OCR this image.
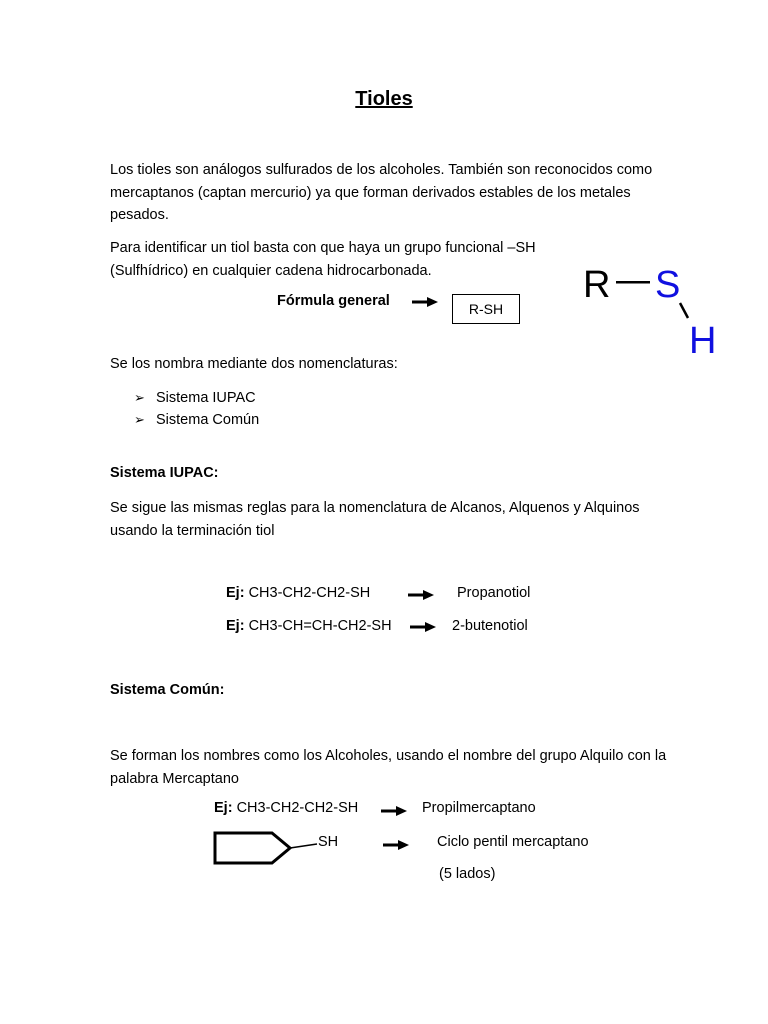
Tioles
Los tioles son análogos sulfurados de los alcoholes. También son reconocidos como mercaptanos (captan mercurio) ya que forman derivados estables de los metales pesados.
Para identificar un tiol basta con que haya un grupo funcional –SH (Sulfhídrico) en cualquier cadena hidrocarbonada.
Fórmula general	R-SH
R S
H
Se los nombra mediante dos nomenclaturas:
➢ Sistema IUPAC
➢ Sistema Común
Sistema IUPAC:
Se sigue las mismas reglas para la nomenclatura de Alcanos, Alquenos y Alquinos usando la terminación tiol
Ej: CH3-CH2-CH2-SH	Propanotiol
Ej: CH3-CH=CH-CH2-SH	2-butenotiol
Sistema Común:
Se forman los nombres como los Alcoholes, usando el nombre del grupo Alquilo con la palabra Mercaptano
Ej: CH3-CH2-CH2-SH	Propilmercaptano
SH	Ciclo pentil mercaptano
(5 lados)
